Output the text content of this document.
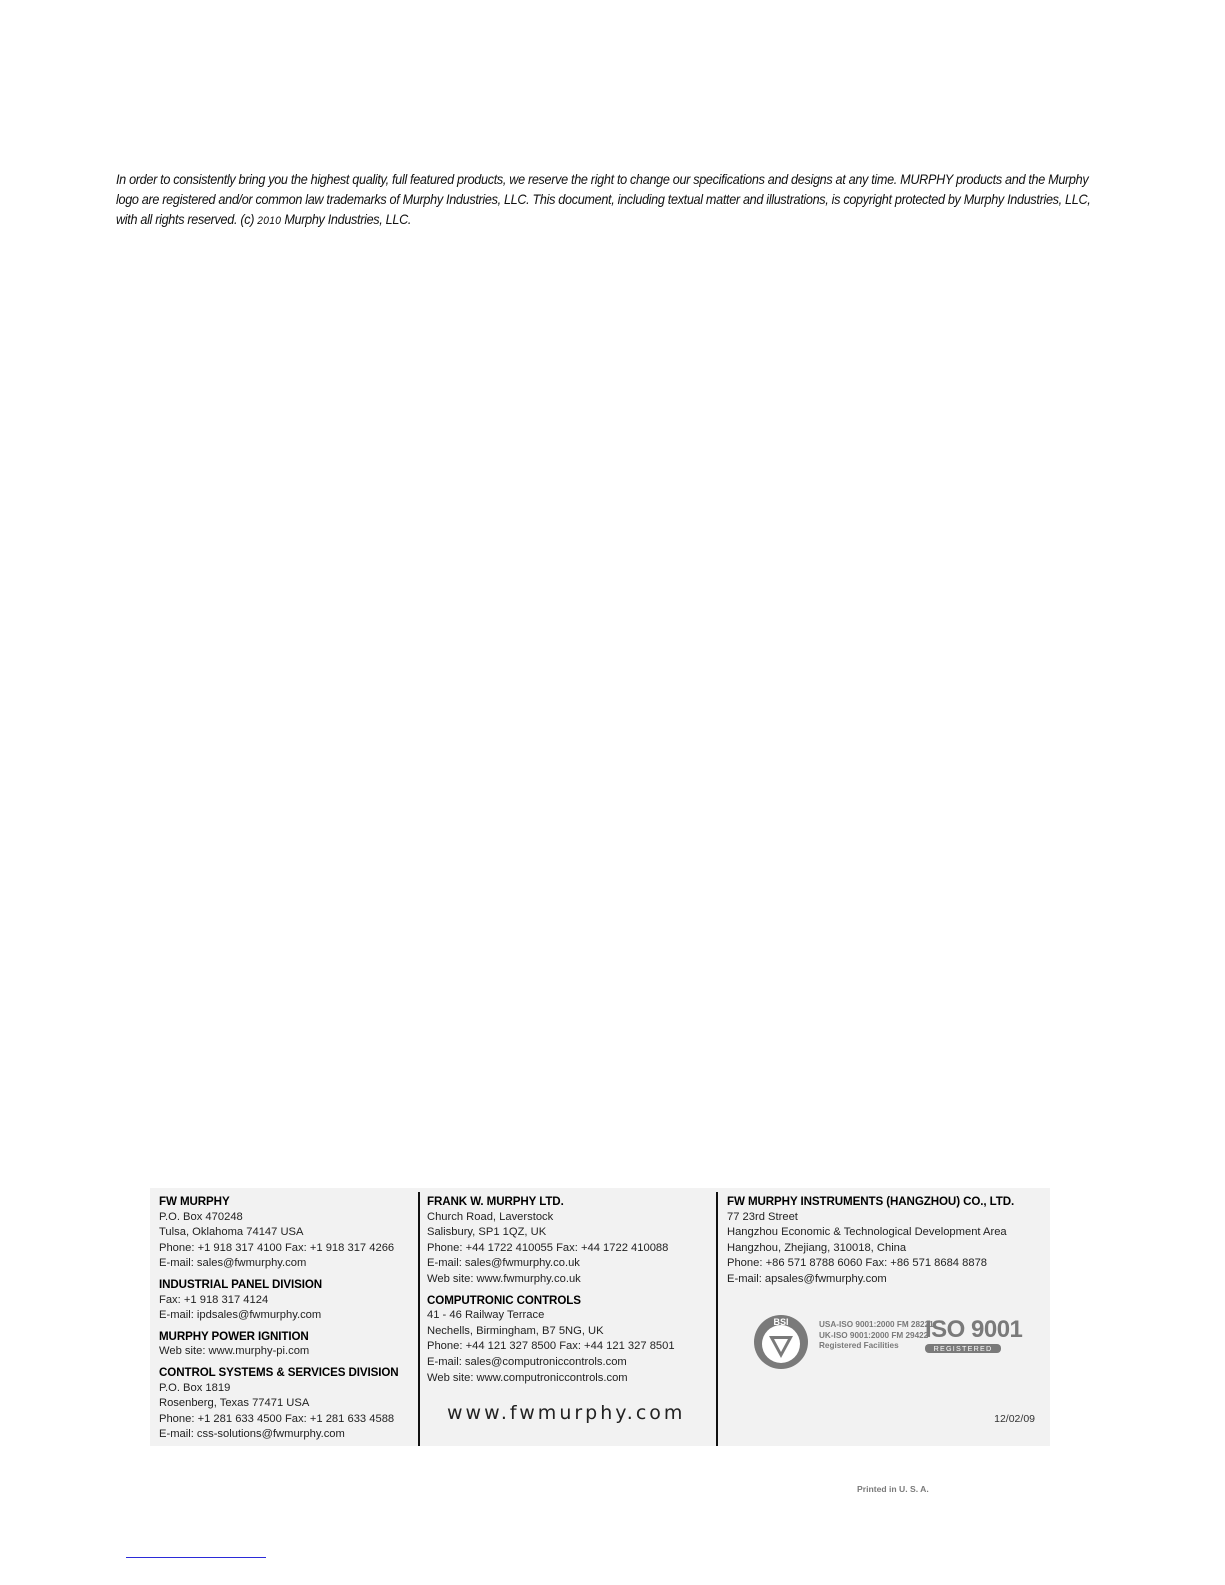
In order to consistently bring you the highest quality, full featured products, we reserve the right to change our specifications and designs at any time. MURPHY products and the Murphy
logo are registered and/or common law trademarks of Murphy Industries, LLC. This document, including textual matter and illustrations, is copyright protected by Murphy Industries, LLC,
with all rights reserved. (c) 2010 Murphy Industries, LLC.
FW MURPHY
P.O. Box 470248
Tulsa, Oklahoma 74147 USA
Phone: +1 918 317 4100 Fax: +1 918 317 4266
E-mail: sales@fwmurphy.com
INDUSTRIAL PANEL DIVISION
Fax: +1 918 317 4124
E-mail: ipdsales@fwmurphy.com
MURPHY POWER IGNITION
Web site: www.murphy-pi.com
CONTROL SYSTEMS & SERVICES DIVISION
P.O. Box 1819
Rosenberg, Texas 77471 USA
Phone: +1 281 633 4500 Fax: +1 281 633 4588
E-mail: css-solutions@fwmurphy.com
FRANK W. MURPHY LTD.
Church Road, Laverstock
Salisbury, SP1 1QZ, UK
Phone: +44 1722 410055 Fax: +44 1722 410088
E-mail: sales@fwmurphy.co.uk
Web site: www.fwmurphy.co.uk
COMPUTRONIC CONTROLS
41 - 46 Railway Terrace
Nechells, Birmingham, B7 5NG, UK
Phone: +44 121 327 8500 Fax: +44 121 327 8501
E-mail: sales@computroniccontrols.com
Web site: www.computroniccontrols.com
www.fwmurphy.com
FW MURPHY INSTRUMENTS (HANGZHOU) CO., LTD.
77 23rd Street
Hangzhou Economic & Technological Development Area
Hangzhou, Zhejiang, 310018, China
Phone: +86 571 8788 6060 Fax: +86 571 8684 8878
E-mail: apsales@fwmurphy.com
BSI	USA-ISO 9001:2000 FM 28221
UK-ISO 9001:2000 FM 29422
Registered Facilities
ISO 9001
REGISTERED
Printed in U. S. A.
12/02/09
